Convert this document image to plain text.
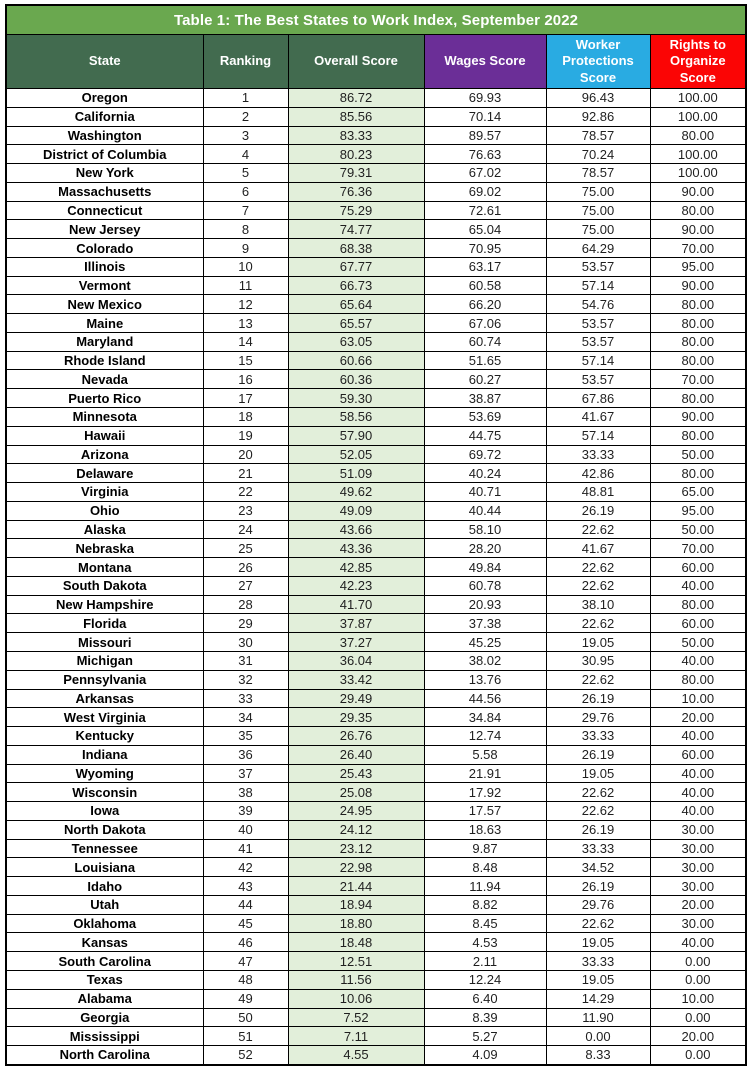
Table 1: The Best States to Work Index, September 2022					
State	Ranking	Overall Score	Wages Score	Worker Protections Score	Rights to Organize Score
Oregon	1	86.72	69.93	96.43	100.00
California	2	85.56	70.14	92.86	100.00
Washington	3	83.33	89.57	78.57	80.00
District of Columbia	4	80.23	76.63	70.24	100.00
New York	5	79.31	67.02	78.57	100.00
Massachusetts	6	76.36	69.02	75.00	90.00
Connecticut	7	75.29	72.61	75.00	80.00
New Jersey	8	74.77	65.04	75.00	90.00
Colorado	9	68.38	70.95	64.29	70.00
Illinois	10	67.77	63.17	53.57	95.00
Vermont	11	66.73	60.58	57.14	90.00
New Mexico	12	65.64	66.20	54.76	80.00
Maine	13	65.57	67.06	53.57	80.00
Maryland	14	63.05	60.74	53.57	80.00
Rhode Island	15	60.66	51.65	57.14	80.00
Nevada	16	60.36	60.27	53.57	70.00
Puerto Rico	17	59.30	38.87	67.86	80.00
Minnesota	18	58.56	53.69	41.67	90.00
Hawaii	19	57.90	44.75	57.14	80.00
Arizona	20	52.05	69.72	33.33	50.00
Delaware	21	51.09	40.24	42.86	80.00
Virginia	22	49.62	40.71	48.81	65.00
Ohio	23	49.09	40.44	26.19	95.00
Alaska	24	43.66	58.10	22.62	50.00
Nebraska	25	43.36	28.20	41.67	70.00
Montana	26	42.85	49.84	22.62	60.00
South Dakota	27	42.23	60.78	22.62	40.00
New Hampshire	28	41.70	20.93	38.10	80.00
Florida	29	37.87	37.38	22.62	60.00
Missouri	30	37.27	45.25	19.05	50.00
Michigan	31	36.04	38.02	30.95	40.00
Pennsylvania	32	33.42	13.76	22.62	80.00
Arkansas	33	29.49	44.56	26.19	10.00
West Virginia	34	29.35	34.84	29.76	20.00
Kentucky	35	26.76	12.74	33.33	40.00
Indiana	36	26.40	5.58	26.19	60.00
Wyoming	37	25.43	21.91	19.05	40.00
Wisconsin	38	25.08	17.92	22.62	40.00
Iowa	39	24.95	17.57	22.62	40.00
North Dakota	40	24.12	18.63	26.19	30.00
Tennessee	41	23.12	9.87	33.33	30.00
Louisiana	42	22.98	8.48	34.52	30.00
Idaho	43	21.44	11.94	26.19	30.00
Utah	44	18.94	8.82	29.76	20.00
Oklahoma	45	18.80	8.45	22.62	30.00
Kansas	46	18.48	4.53	19.05	40.00
South Carolina	47	12.51	2.11	33.33	0.00
Texas	48	11.56	12.24	19.05	0.00
Alabama	49	10.06	6.40	14.29	10.00
Georgia	50	7.52	8.39	11.90	0.00
Mississippi	51	7.11	5.27	0.00	20.00
North Carolina	52	4.55	4.09	8.33	0.00
